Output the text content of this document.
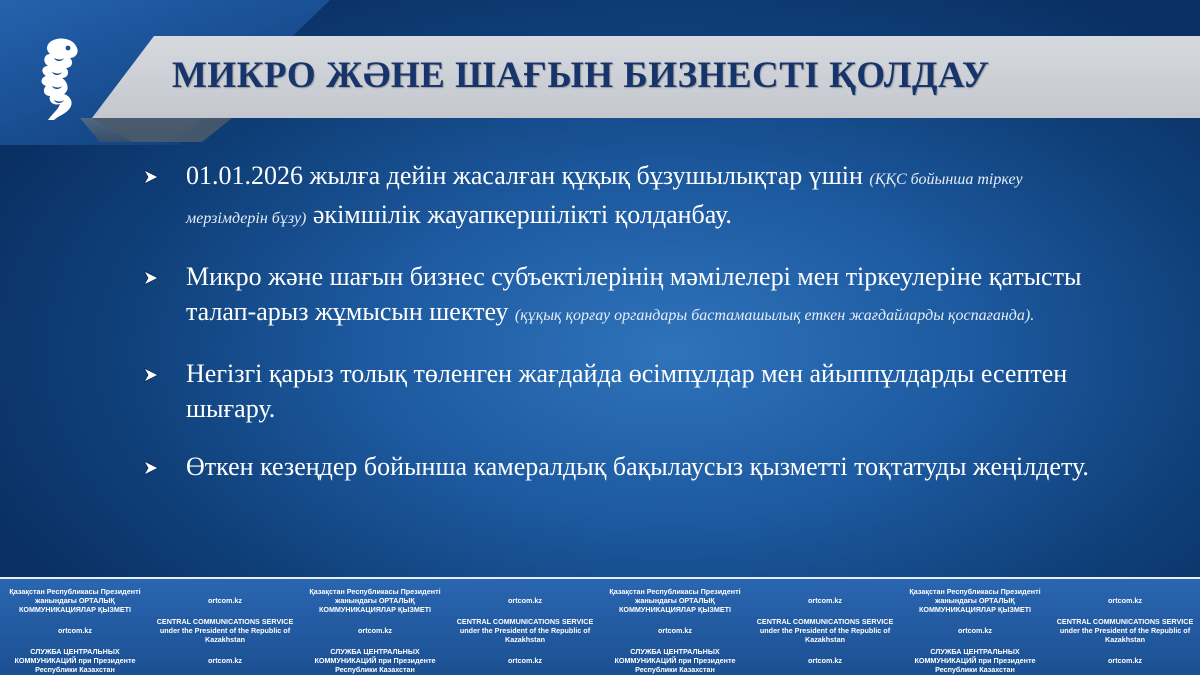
МИКРО ЖӘНЕ ШАҒЫН БИЗНЕСТІ ҚОЛДАУ
01.01.2026 жылға дейін жасалған құқық бұзушылықтар үшін (ҚҚС бойынша тіркеу мерзімдерін бұзу) әкімшілік жауапкершілікті қолданбау.
Микро және шағын бизнес субъектілерінің мәмілелері мен тіркеулеріне қатысты талап-арыз жұмысын шектеу (құқық қорғау органдары бастамашылық еткен жағдайларды қоспағанда).
Негізгі қарыз толық төленген жағдайда өсімпұлдар мен айыппұлдарды есептен шығару.
Өткен кезеңдер бойынша камералдық бақылаусыз қызметті тоқтатуды жеңілдету.
Қазақстан Республикасы Президенті жанындағы ОРТАЛЫҚ КОММУНИКАЦИЯЛАР ҚЫЗМЕТІ
ortcom.kz
Қазақстан Республикасы Президенті жанындағы ОРТАЛЫҚ КОММУНИКАЦИЯЛАР ҚЫЗМЕТІ
ortcom.kz
Қазақстан Республикасы Президенті жанындағы ОРТАЛЫҚ КОММУНИКАЦИЯЛАР ҚЫЗМЕТІ
ortcom.kz
Қазақстан Республикасы Президенті жанындағы ОРТАЛЫҚ КОММУНИКАЦИЯЛАР ҚЫЗМЕТІ
ortcom.kz
ortcom.kz
CENTRAL COMMUNICATIONS SERVICE under the President of the Republic of Kazakhstan
ortcom.kz
CENTRAL COMMUNICATIONS SERVICE under the President of the Republic of Kazakhstan
ortcom.kz
CENTRAL COMMUNICATIONS SERVICE under the President of the Republic of Kazakhstan
ortcom.kz
CENTRAL COMMUNICATIONS SERVICE under the President of the Republic of Kazakhstan
СЛУЖБА ЦЕНТРАЛЬНЫХ КОММУНИКАЦИЙ при Президенте Республики Казахстан
ortcom.kz
СЛУЖБА ЦЕНТРАЛЬНЫХ КОММУНИКАЦИЙ при Президенте Республики Казахстан
ortcom.kz
СЛУЖБА ЦЕНТРАЛЬНЫХ КОММУНИКАЦИЙ при Президенте Республики Казахстан
ortcom.kz
СЛУЖБА ЦЕНТРАЛЬНЫХ КОММУНИКАЦИЙ при Президенте Республики Казахстан
ortcom.kz
